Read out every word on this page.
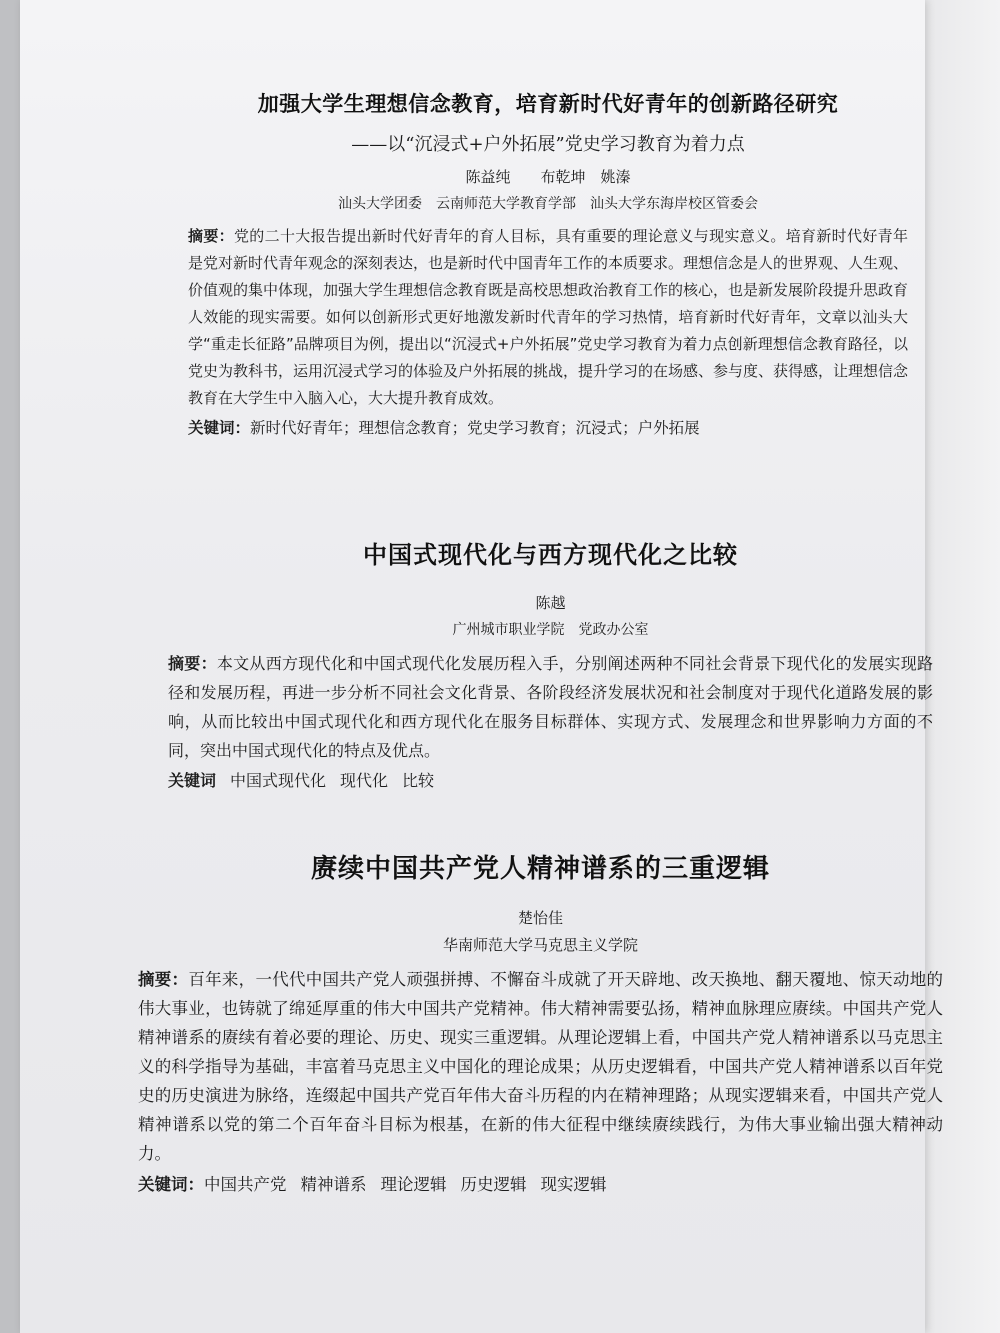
加强大学生理想信念教育，培育新时代好青年的创新路径研究
——以“沉浸式+户外拓展”党史学习教育为着力点
陈益纯　　布乾坤　姚溱
汕头大学团委　云南师范大学教育学部　汕头大学东海岸校区管委会
摘要：党的二十大报告提出新时代好青年的育人目标，具有重要的理论意义与现实意义。培育新时代好青年是党对新时代青年观念的深刻表达，也是新时代中国青年工作的本质要求。理想信念是人的世界观、人生观、价值观的集中体现，加强大学生理想信念教育既是高校思想政治教育工作的核心，也是新发展阶段提升思政育人效能的现实需要。如何以创新形式更好地激发新时代青年的学习热情，培育新时代好青年，文章以汕头大学“重走长征路”品牌项目为例，提出以“沉浸式+户外拓展”党史学习教育为着力点创新理想信念教育路径，以党史为教科书，运用沉浸式学习的体验及户外拓展的挑战，提升学习的在场感、参与度、获得感，让理想信念教育在大学生中入脑入心，大大提升教育成效。
关键词：新时代好青年；理想信念教育；党史学习教育；沉浸式；户外拓展
中国式现代化与西方现代化之比较
陈越
广州城市职业学院　党政办公室
摘要：本文从西方现代化和中国式现代化发展历程入手，分别阐述两种不同社会背景下现代化的发展实现路径和发展历程，再进一步分析不同社会文化背景、各阶段经济发展状况和社会制度对于现代化道路发展的影响，从而比较出中国式现代化和西方现代化在服务目标群体、实现方式、发展理念和世界影响力方面的不同，突出中国式现代化的特点及优点。
关键词 中国式现代化 现代化 比较
赓续中国共产党人精神谱系的三重逻辑
楚怡佳
华南师范大学马克思主义学院
摘要：百年来，一代代中国共产党人顽强拼搏、不懈奋斗成就了开天辟地、改天换地、翻天覆地、惊天动地的伟大事业，也铸就了绵延厚重的伟大中国共产党精神。伟大精神需要弘扬，精神血脉理应赓续。中国共产党人精神谱系的赓续有着必要的理论、历史、现实三重逻辑。从理论逻辑上看，中国共产党人精神谱系以马克思主义的科学指导为基础，丰富着马克思主义中国化的理论成果；从历史逻辑看，中国共产党人精神谱系以百年党史的历史演进为脉络，连缀起中国共产党百年伟大奋斗历程的内在精神理路；从现实逻辑来看，中国共产党人精神谱系以党的第二个百年奋斗目标为根基，在新的伟大征程中继续赓续践行，为伟大事业输出强大精神动力。
关键词：中国共产党 精神谱系 理论逻辑 历史逻辑 现实逻辑
